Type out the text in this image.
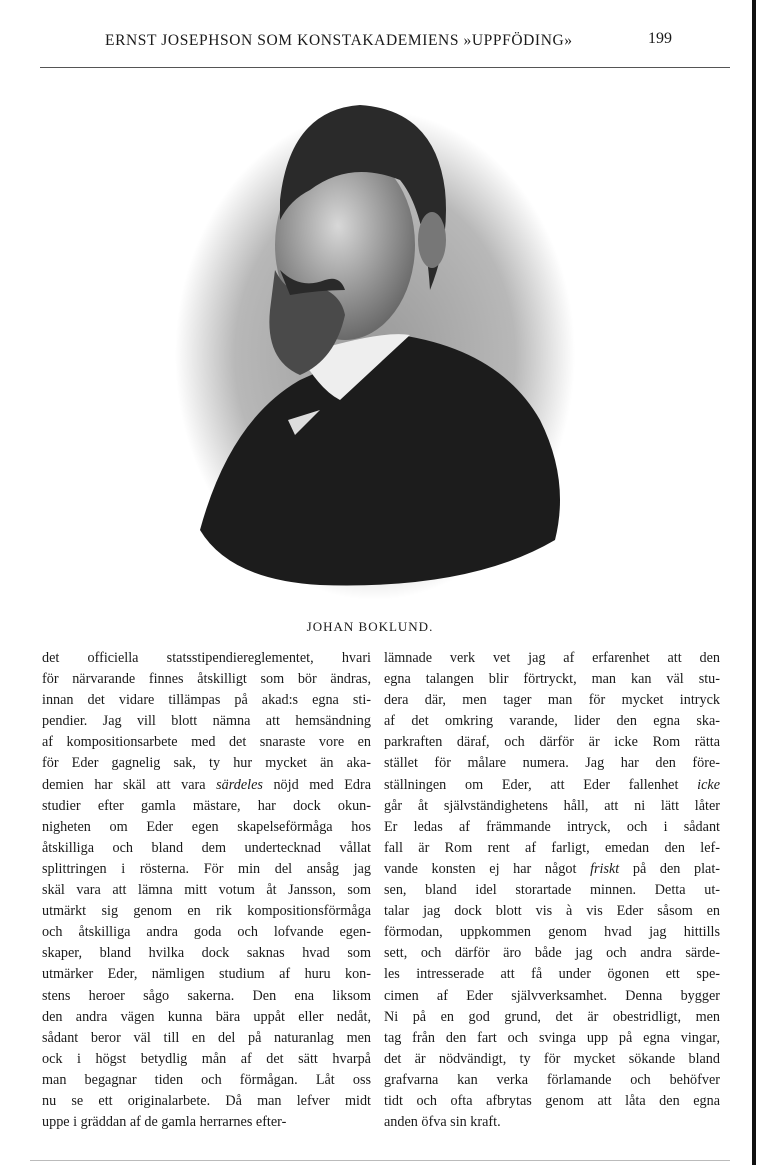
ERNST JOSEPHSON SOM KONSTAKADEMIENS »UPPFÖDING»	199
JOHAN BOKLUND.
det officiella statsstipendiereglementet, hvari
för närvarande finnes åtskilligt som bör ändras,
innan det vidare tillämpas på akad:s egna sti-
pendier. Jag vill blott nämna att hemsändning
af kompositionsarbete med det snaraste vore en
för Eder gagnelig sak, ty hur mycket än aka-
demien har skäl att vara särdeles nöjd med Edra
studier efter gamla mästare, har dock okun-
nigheten om Eder egen skapelseförmåga hos
åtskilliga och bland dem undertecknad vållat
splittringen i rösterna. För min del ansåg jag
skäl vara att lämna mitt votum åt Jansson, som
utmärkt sig genom en rik kompositionsförmåga
och åtskilliga andra goda och lofvande egen-
skaper, bland hvilka dock saknas hvad som
utmärker Eder, nämligen studium af huru kon-
stens heroer sågo sakerna. Den ena liksom
den andra vägen kunna bära uppåt eller nedåt,
sådant beror väl till en del på naturanlag men
ock i högst betydlig mån af det sätt hvarpå
man begagnar tiden och förmågan. Låt oss
nu se ett originalarbete. Då man lefver midt
uppe i gräddan af de gamla herrarnes efter-
lämnade verk vet jag af erfarenhet att den
egna talangen blir förtryckt, man kan väl stu-
dera där, men tager man för mycket intryck
af det omkring varande, lider den egna ska-
parkraften däraf, och därför är icke Rom rätta
stället för målare numera. Jag har den före-
ställningen om Eder, att Eder fallenhet icke
går åt självständighetens håll, att ni lätt låter
Er ledas af främmande intryck, och i sådant
fall är Rom rent af farligt, emedan den lef-
vande konsten ej har något friskt på den plat-
sen, bland idel storartade minnen. Detta ut-
talar jag dock blott vis à vis Eder såsom en
förmodan, uppkommen genom hvad jag hittills
sett, och därför äro både jag och andra särde-
les intresserade att få under ögonen ett spe-
cimen af Eder självverksamhet. Denna bygger
Ni på en god grund, det är obestridligt, men
tag från den fart och svinga upp på egna vingar,
det är nödvändigt, ty för mycket sökande bland
grafvarna kan verka förlamande och behöfver
tidt och ofta afbrytas genom att låta den egna
anden öfva sin kraft.
